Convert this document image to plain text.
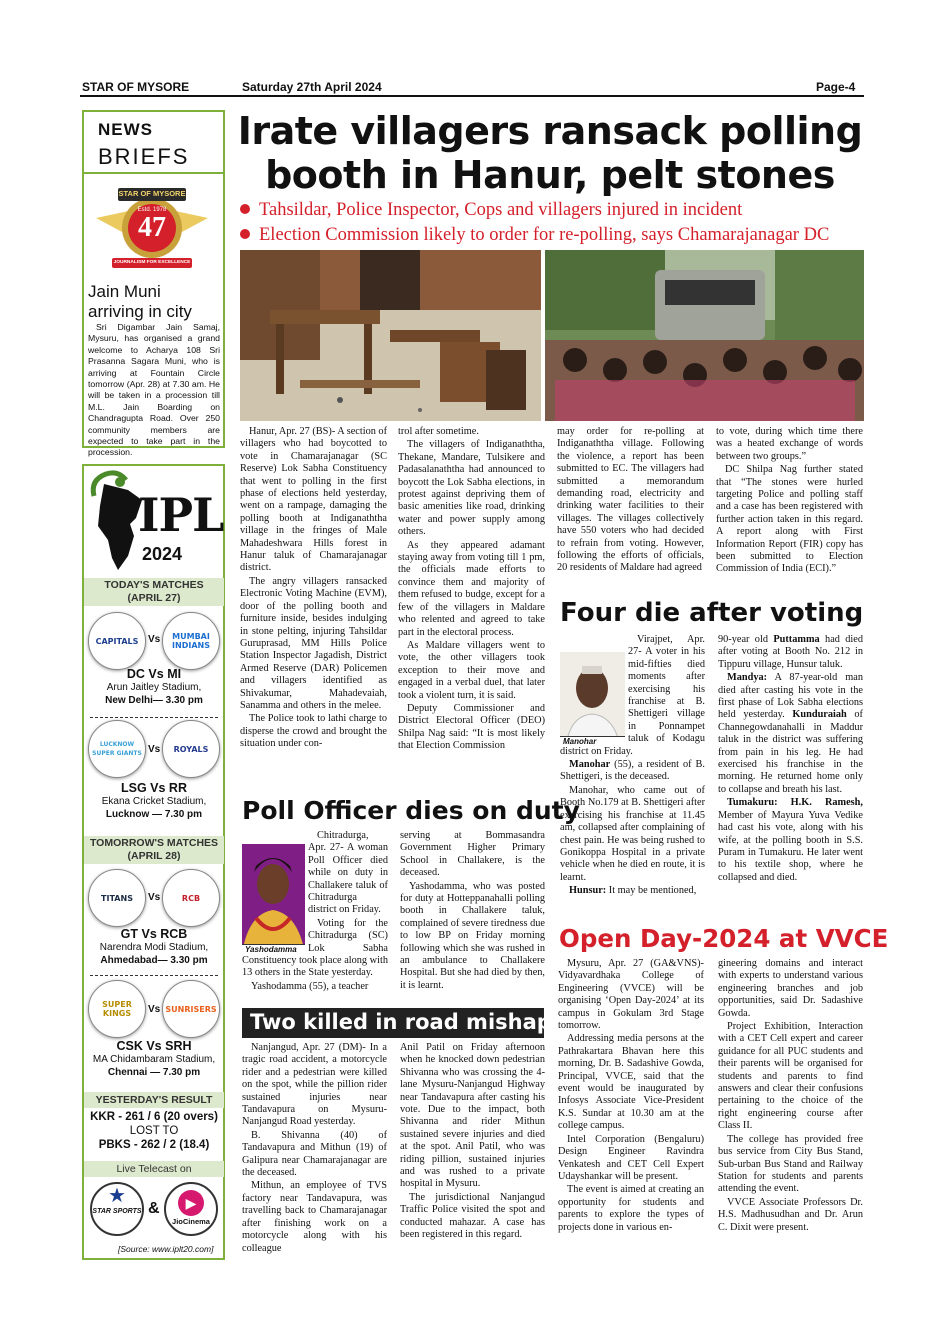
STAR OF MYSORE	Saturday 27th April 2024	Page-4
NEWS
BRIEFS
STAR OF MYSORE
Estd. 1978
47
JOURNALISM FOR EXCELLENCE
Jain Muni
arriving in city
Sri Digambar Jain Samaj, Mysuru, has organised a grand welcome to Acharya 108 Sri Prasanna Sagara Muni, who is arriving at Fountain Circle tomorrow (Apr. 28) at 7.30 am. He will be taken in a procession till M.L. Jain Boarding on Chandragupta Road. Over 250 community members are expected to take part in the procession.
IPL
2024
TODAY'S MATCHES
(APRIL 27)
CAPITALS Vs	MUMBAI INDIANS
DC Vs MI
Arun Jaitley Stadium,
New Delhi— 3.30 pm
LUCKNOW SUPER GIANTS Vs	ROYALS
LSG Vs RR
Ekana Cricket Stadium,
Lucknow — 7.30 pm
TOMORROW'S MATCHES
(APRIL 28)
TITANS	Vs	RCB
GT Vs RCB
Narendra Modi Stadium,
Ahmedabad— 3.30 pm
SUPER KINGS	Vs SUNRISERS
CSK Vs SRH
MA Chidambaram Stadium,
Chennai — 7.30 pm
YESTERDAY'S RESULT
KKR - 261 / 6 (20 overs)
LOST TO
PBKS - 262 / 2 (18.4)
Live Telecast on
★
STAR SPORTS &	▶
JioCinema
[Source: www.iplt20.com]
Irate villagers ransack polling
booth in Hanur, pelt stones
Tahsildar, Police Inspector, Cops and villagers injured in incident
Election Commission likely to order for re-polling, says Chamarajanagar DC

Hanur, Apr. 27 (BS)- A section of villagers who had boycotted to vote in Chamarajanagar (SC Reserve) Lok Sabha Constituency that went to polling in the first phase of elections held yesterday, went on a rampage, damaging the polling booth at Indiganaththa village in the fringes of Male Mahadeshwara Hills forest in Hanur taluk of Chamarajanagar district.

The angry villagers ransacked Electronic Voting Machine (EVM), door of the polling booth and furniture inside, besides indulging in stone pelting, injuring Tahsildar Guruprasad, MM Hills Police Station Inspector Jagadish, District Armed Reserve (DAR) Policemen and villagers identified as Shivakumar, Mahadevaiah, Sanamma and others in the melee.

The Police took to lathi charge to disperse the crowd and brought the situation under con-

trol after sometime.

The villagers of Indiganaththa, Thekane, Mandare, Tulsikere and Padasalanaththa had announced to boycott the Lok Sabha elections, in protest against depriving them of basic amenities like road, drinking water and power supply among others.

As they appeared adamant staying away from voting till 1 pm, the officials made efforts to convince them and majority of them refused to budge, except for a few of the villagers in Maldare who relented and agreed to take part in the electoral process.

As Maldare villagers went to vote, the other villagers took exception to their move and engaged in a verbal duel, that later took a violent turn, it is said.

Deputy Commissioner and District Electoral Officer (DEO) Shilpa Nag said: “It is most likely that Election Commission

may order for re-polling at Indiganaththa village. Following the violence, a report has been submitted to EC. The villagers had submitted a memorandum demanding road, electricity and drinking water facilities to their villages. The villages collectively have 550 voters who had decided to refrain from voting. However, following the efforts of officials, 20 residents of Maldare had agreed

to vote, during which time there was a heated exchange of words between two groups.”

DC Shilpa Nag further stated that “The stones were hurled targeting Police and polling staff and a case has been registered with further action taken in this regard. A report along with First Information Report (FIR) copy has been submitted to Election Commission of India (ECI).”

Four die after voting
Manohar

Virajpet, Apr. 27- A voter in his mid-fifties died moments after exercising his franchise at B. Shettigeri village in Ponnampet taluk of Kodagu district on Friday.

Manohar (55), a resident of B. Shettigeri, is the deceased.

Manohar, who came out of Booth No.179 at B. Shettigeri after exercising his franchise at 11.45 am, collapsed after complaining of chest pain. He was being rushed to Gonikoppa Hospital in a private vehicle when he died en route, it is learnt.

Hunsur: It may be mentioned,

90-year old Puttamma had died after voting at Booth No. 212 in Tippuru village, Hunsur taluk.

Mandya: A 87-year-old man died after casting his vote in the first phase of Lok Sabha elections held yesterday. Kunduraiah of Channegowdanahalli in Maddur taluk in the district was suffering from pain in his leg. He had exercised his franchise in the morning. He returned home only to collapse and breath his last.

Tumakuru: H.K. Ramesh, Member of Mayura Yuva Vedike had cast his vote, along with his wife, at the polling booth in S.S. Puram in Tumakuru. He later went to his textile shop, where he collapsed and died.

Poll Officer dies on duty
Yashodamma

Chitradurga, Apr. 27- A woman Poll Officer died while on duty in Challakere taluk of Chitradurga district on Friday.

Voting for the Chitradurga (SC) Lok Sabha Constituency took place along with 13 others in the State yesterday.

Yashodamma (55), a teacher

serving at Bommasandra Government Higher Primary School in Challakere, is the deceased.

Yashodamma, who was posted for duty at Hotteppanahalli polling booth in Challakere taluk, complained of severe tiredness due to low BP on Friday morning following which she was rushed in an ambulance to Challakere Hospital. But she had died by then, it is learnt.

Two killed in road mishap

Nanjangud, Apr. 27 (DM)- In a tragic road accident, a motorcycle rider and a pedestrian were killed on the spot, while the pillion rider sustained injuries near Tandavapura on Mysuru-Nanjangud Road yesterday.

B. Shivanna (40) of Tandavapura and Mithun (19) of Galipura near Chamarajanagar are the deceased.

Mithun, an employee of TVS factory near Tandavapura, was travelling back to Chamarajanagar after finishing work on a motorcycle along with his colleague

Anil Patil on Friday afternoon when he knocked down pedestrian Shivanna who was crossing the 4-lane Mysuru-Nanjangud Highway near Tandavapura after casting his vote. Due to the impact, both Shivanna and rider Mithun sustained severe injuries and died at the spot. Anil Patil, who was riding pillion, sustained injuries and was rushed to a private hospital in Mysuru.

The jurisdictional Nanjangud Traffic Police visited the spot and conducted mahazar. A case has been registered in this regard.

Open Day-2024 at VVCE

Mysuru, Apr. 27 (GA&VNS)- Vidyavardhaka College of Engineering (VVCE) will be organising ‘Open Day-2024’ at its campus in Gokulam 3rd Stage tomorrow.

Addressing media persons at the Pathrakartara Bhavan here this morning, Dr. B. Sadashive Gowda, Principal, VVCE, said that the event would be inaugurated by Infosys Associate Vice-President K.S. Sundar at 10.30 am at the college campus.

Intel Corporation (Bengaluru) Design Engineer Ravindra Venkatesh and CET Cell Expert Udayshankar will be present.

The event is aimed at creating an opportunity for students and parents to explore the types of projects done in various en-

gineering domains and interact with experts to understand various engineering branches and job opportunities, said Dr. Sadashive Gowda.

Project Exhibition, Interaction with a CET Cell expert and career guidance for all PUC students and their parents will be organised for students and parents to find answers and clear their confusions pertaining to the choice of the right engineering course after Class II.

The college has provided free bus service from City Bus Stand, Sub-urban Bus Stand and Railway Station for students and parents attending the event.

VVCE Associate Professors Dr. H.S. Madhusudhan and Dr. Arun C. Dixit were present.
